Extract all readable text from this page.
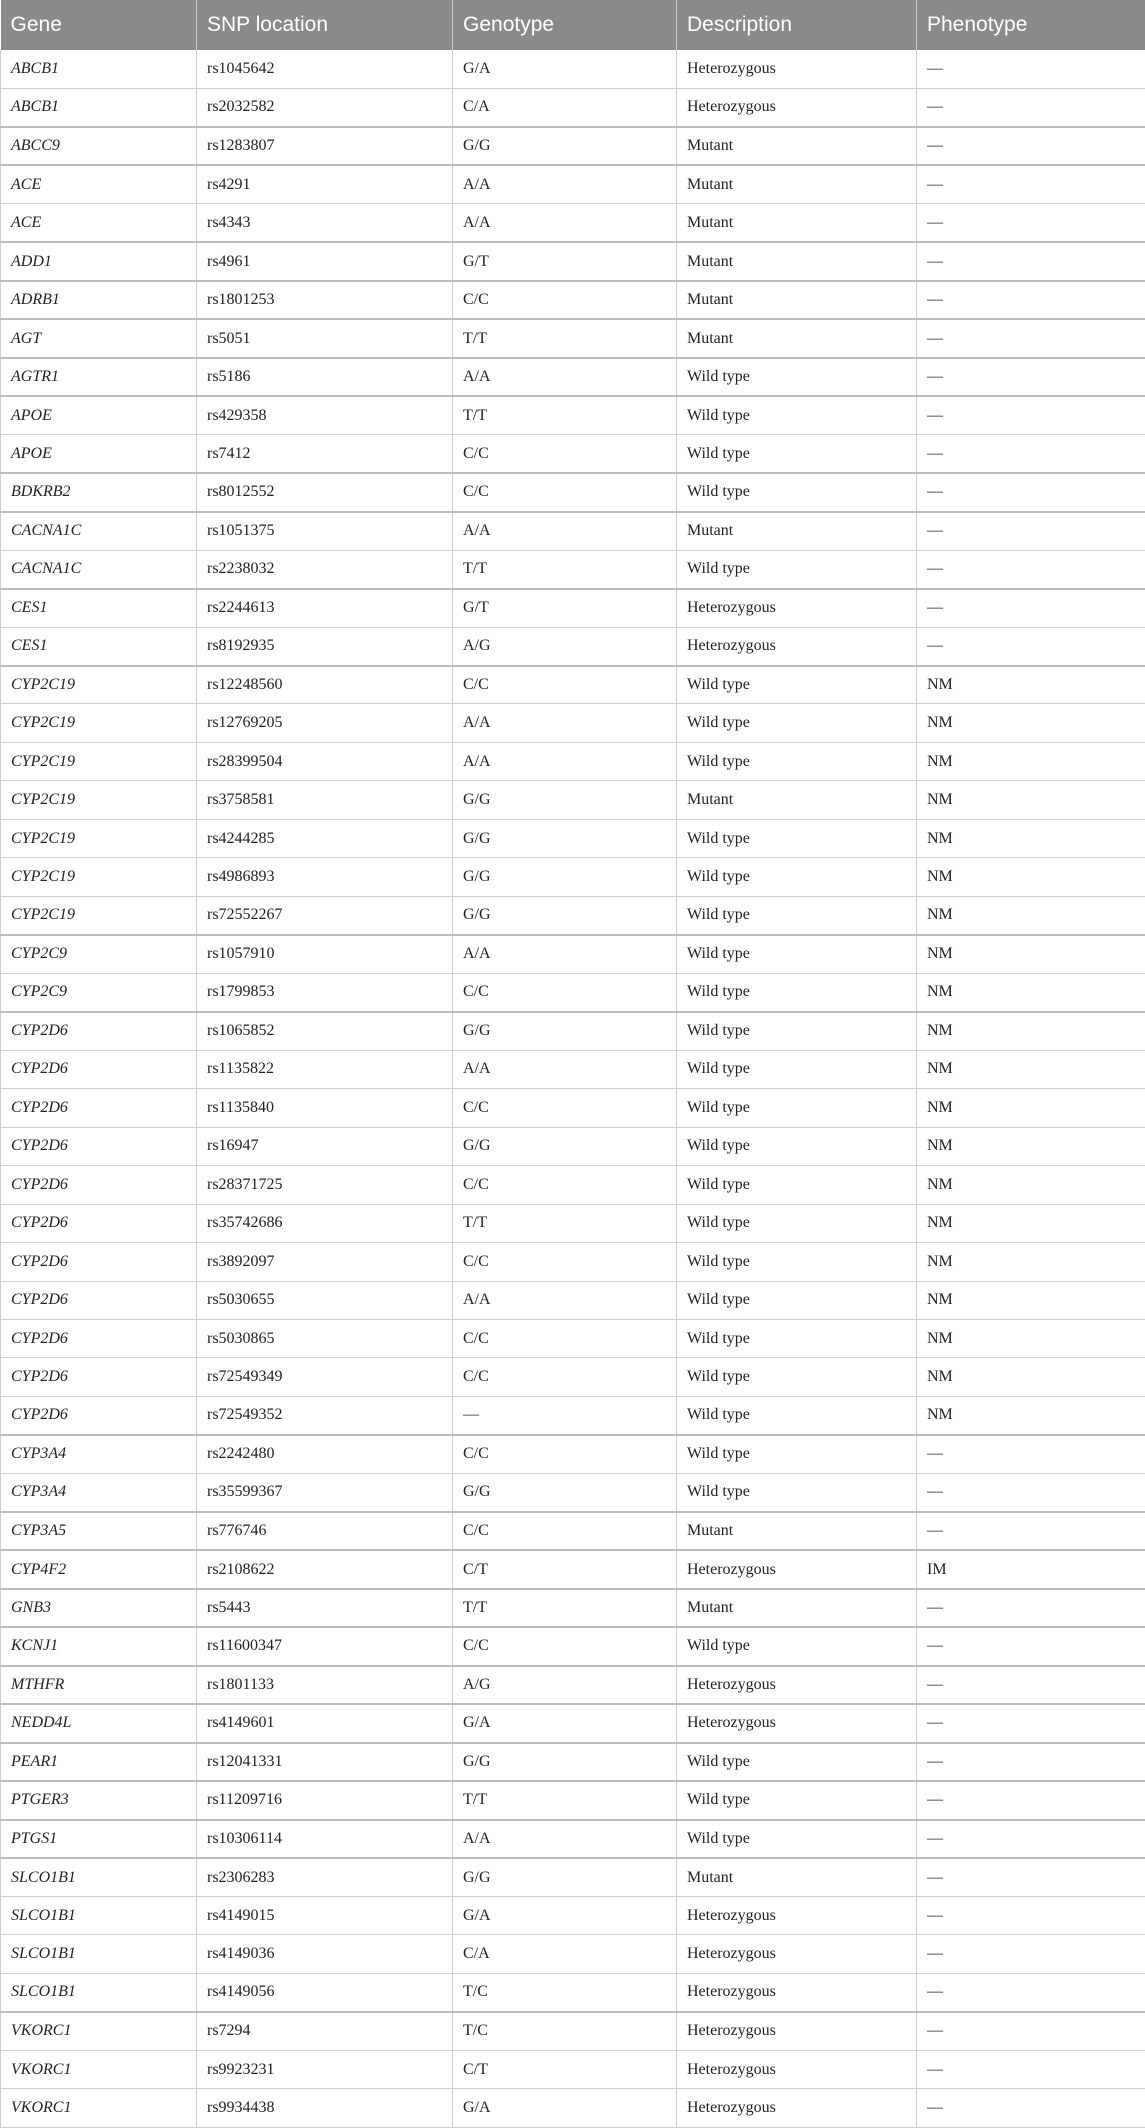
Gene	SNP location	Genotype	Description	Phenotype
ABCB1	rs1045642	G/A	Heterozygous	—
ABCB1	rs2032582	C/A	Heterozygous	—
ABCC9	rs1283807	G/G	Mutant	—
ACE	rs4291	A/A	Mutant	—
ACE	rs4343	A/A	Mutant	—
ADD1	rs4961	G/T	Mutant	—
ADRB1	rs1801253	C/C	Mutant	—
AGT	rs5051	T/T	Mutant	—
AGTR1	rs5186	A/A	Wild type	—
APOE	rs429358	T/T	Wild type	—
APOE	rs7412	C/C	Wild type	—
BDKRB2	rs8012552	C/C	Wild type	—
CACNA1C	rs1051375	A/A	Mutant	—
CACNA1C	rs2238032	T/T	Wild type	—
CES1	rs2244613	G/T	Heterozygous	—
CES1	rs8192935	A/G	Heterozygous	—
CYP2C19	rs12248560	C/C	Wild type	NM
CYP2C19	rs12769205	A/A	Wild type	NM
CYP2C19	rs28399504	A/A	Wild type	NM
CYP2C19	rs3758581	G/G	Mutant	NM
CYP2C19	rs4244285	G/G	Wild type	NM
CYP2C19	rs4986893	G/G	Wild type	NM
CYP2C19	rs72552267	G/G	Wild type	NM
CYP2C9	rs1057910	A/A	Wild type	NM
CYP2C9	rs1799853	C/C	Wild type	NM
CYP2D6	rs1065852	G/G	Wild type	NM
CYP2D6	rs1135822	A/A	Wild type	NM
CYP2D6	rs1135840	C/C	Wild type	NM
CYP2D6	rs16947	G/G	Wild type	NM
CYP2D6	rs28371725	C/C	Wild type	NM
CYP2D6	rs35742686	T/T	Wild type	NM
CYP2D6	rs3892097	C/C	Wild type	NM
CYP2D6	rs5030655	A/A	Wild type	NM
CYP2D6	rs5030865	C/C	Wild type	NM
CYP2D6	rs72549349	C/C	Wild type	NM
CYP2D6	rs72549352	—	Wild type	NM
CYP3A4	rs2242480	C/C	Wild type	—
CYP3A4	rs35599367	G/G	Wild type	—
CYP3A5	rs776746	C/C	Mutant	—
CYP4F2	rs2108622	C/T	Heterozygous	IM
GNB3	rs5443	T/T	Mutant	—
KCNJ1	rs11600347	C/C	Wild type	—
MTHFR	rs1801133	A/G	Heterozygous	—
NEDD4L	rs4149601	G/A	Heterozygous	—
PEAR1	rs12041331	G/G	Wild type	—
PTGER3	rs11209716	T/T	Wild type	—
PTGS1	rs10306114	A/A	Wild type	—
SLCO1B1	rs2306283	G/G	Mutant	—
SLCO1B1	rs4149015	G/A	Heterozygous	—
SLCO1B1	rs4149036	C/A	Heterozygous	—
SLCO1B1	rs4149056	T/C	Heterozygous	—
VKORC1	rs7294	T/C	Heterozygous	—
VKORC1	rs9923231	C/T	Heterozygous	—
VKORC1	rs9934438	G/A	Heterozygous	—
